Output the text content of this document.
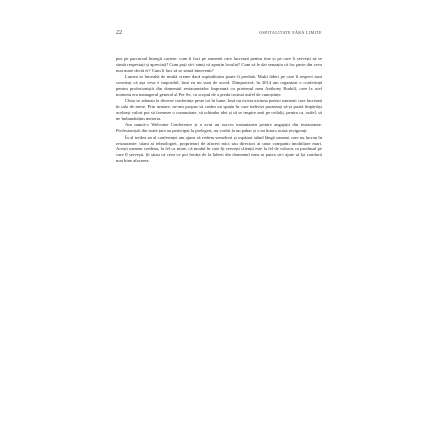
22	OSPITALITATE FĂRĂ LIMITE

pus pe parcursul întregii cariere: cum îi faci pe oamenii care lucrează pentru tine și pe care îi servești să se simtă respectați și apreciați? Cum poți să-i simți că aparțin locului? Cum să le dai senzația că fac parte din ceva mai mare decât ei? Cum îi faci să se simtă binevenit?

Lumea se întreabă de multă vreme dacă ospitalitatea poate fi predată. Mulți lideri pe care îi respect sunt convinși că așa ceva e imposibil, însă eu nu sunt de acord. Dimpotrivă, în 2014 am organizat o conferință pentru profesioniștii din domeniul restaurantelor împreună cu prietenul meu Anthony Rudolf, care la acel moment era managerul general al Per Se, cu scopul de a preda tocmai astfel de cunoștințe.

Chiar se adunau la diverse conferințe peste tot în lume, însă nu exista niciuna pentru oamenii care lucrează în sala de mese. Prin urmare, ne-am propus să creăm un spațiu în care indivizi pasionați să-și poată împărtăși aceleași valori pot să formeze o comunitate, să schimbe idei și să se inspire unii pe ceilalți, pentru ca, astfel, să ne îmbunătățim meseria.

Am numit-o Welcome Conference și a avut un succes instantaneu printre angajații din restaurante. Profesioniștii din toată țara au participat la prelegeri, au vorbit la un pahar și s-au întors acasă revigorați.

În al treilea an al conferinței am ajuns să vedem somelieri și ospătari stând lângă oameni care nu lucrau în restaurante: titani ai tehnologiei, proprietari de afaceri mici sau directori ai unor companii imobiliare mari. Acești oameni credeau, la fel ca mine, că modul în care îți servești clienții este la fel de valoros ca produsul pe care îl servești. Și știau că ceea ce pot învăța de la liderii din domeniul meu ar putea să-i ajute să își conducă mai bine afacerea.
